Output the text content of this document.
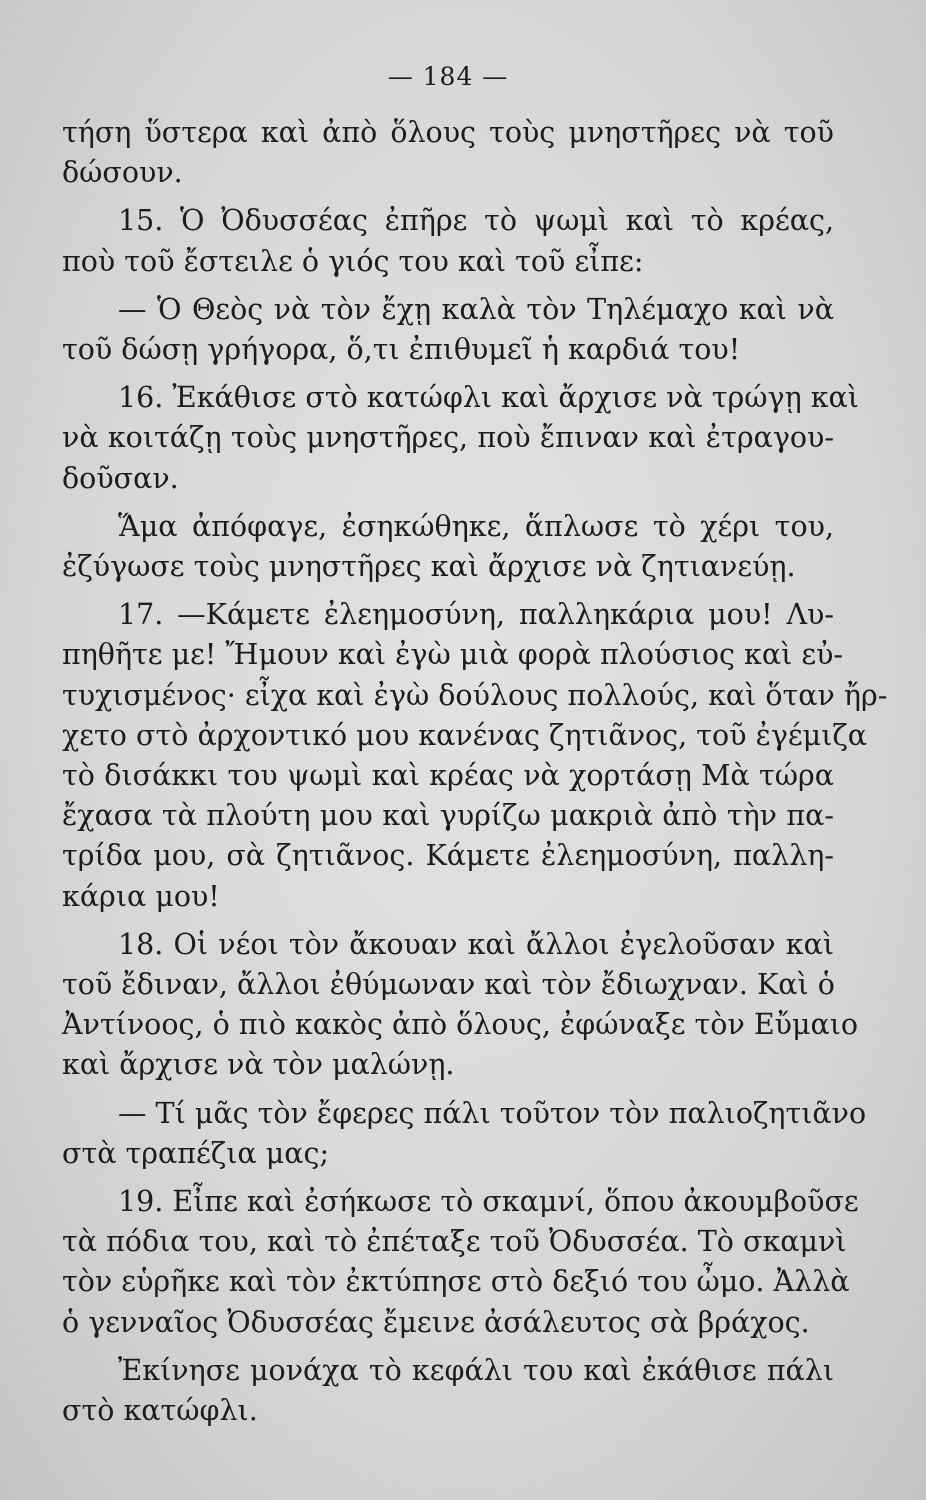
— 184 —
τήση ὕστερα καὶ ἀπὸ ὅλους τοὺς μνηστῆρες νὰ τοῦ
δώσουν.
15. Ὁ Ὀδυσσέας ἐπῆρε τὸ ψωμὶ καὶ τὸ κρέας,
ποὺ τοῦ ἔστειλε ὁ γιός του καὶ τοῦ εἶπε:
— Ὁ Θεὸς νὰ τὸν ἔχῃ καλὰ τὸν Τηλέμαχο καὶ νὰ
τοῦ δώσῃ γρήγορα, ὅ,τι ἐπιθυμεῖ ἡ καρδιά του!
16. Ἐκάθισε στὸ κατώφλι καὶ ἄρχισε νὰ τρώγῃ καὶ
νὰ κοιτάζῃ τοὺς μνηστῆρες, ποὺ ἔπιναν καὶ ἐτραγου-
δοῦσαν.
Ἅμα ἀπόφαγε, ἐσηκώθηκε, ἅπλωσε τὸ χέρι του,
ἐζύγωσε τοὺς μνηστῆρες καὶ ἄρχισε νὰ ζητιανεύῃ.
17. —Κάμετε ἐλεημοσύνη, παλληκάρια μου! Λυ-
πηθῆτε με! Ἤμουν καὶ ἐγὼ μιὰ φορὰ πλούσιος καὶ εὐ-
τυχισμένος· εἶχα καὶ ἐγὼ δούλους πολλούς, καὶ ὅταν ἤρ-
χετο στὸ ἀρχοντικό μου κανένας ζητιᾶνος, τοῦ ἐγέμιζα
τὸ δισάκκι του ψωμὶ καὶ κρέας νὰ χορτάσῃ Μὰ τώρα
ἔχασα τὰ πλούτη μου καὶ γυρίζω μακριὰ ἀπὸ τὴν πα-
τρίδα μου, σὰ ζητιᾶνος. Κάμετε ἐλεημοσύνη, παλλη-
κάρια μου!
18. Οἱ νέοι τὸν ἄκουαν καὶ ἄλλοι ἐγελοῦσαν καὶ
τοῦ ἔδιναν, ἄλλοι ἐθύμωναν καὶ τὸν ἔδιωχναν. Καὶ ὁ
Ἀντίνοος, ὁ πιὸ κακὸς ἀπὸ ὅλους, ἐφώναξε τὸν Εὔμαιο
καὶ ἄρχισε νὰ τὸν μαλώνῃ.
— Τί μᾶς τὸν ἔφερες πάλι τοῦτον τὸν παλιοζητιᾶνο
στὰ τραπέζια μας;
19. Εἶπε καὶ ἐσήκωσε τὸ σκαμνί, ὅπου ἀκουμβοῦσε
τὰ πόδια του, καὶ τὸ ἐπέταξε τοῦ Ὀδυσσέα. Τὸ σκαμνὶ
τὸν εὑρῆκε καὶ τὸν ἐκτύπησε στὸ δεξιό του ὦμο. Ἀλλὰ
ὁ γενναῖος Ὀδυσσέας ἔμεινε ἀσάλευτος σὰ βράχος.
Ἐκίνησε μονάχα τὸ κεφάλι του καὶ ἐκάθισε πάλι
στὸ κατώφλι.
